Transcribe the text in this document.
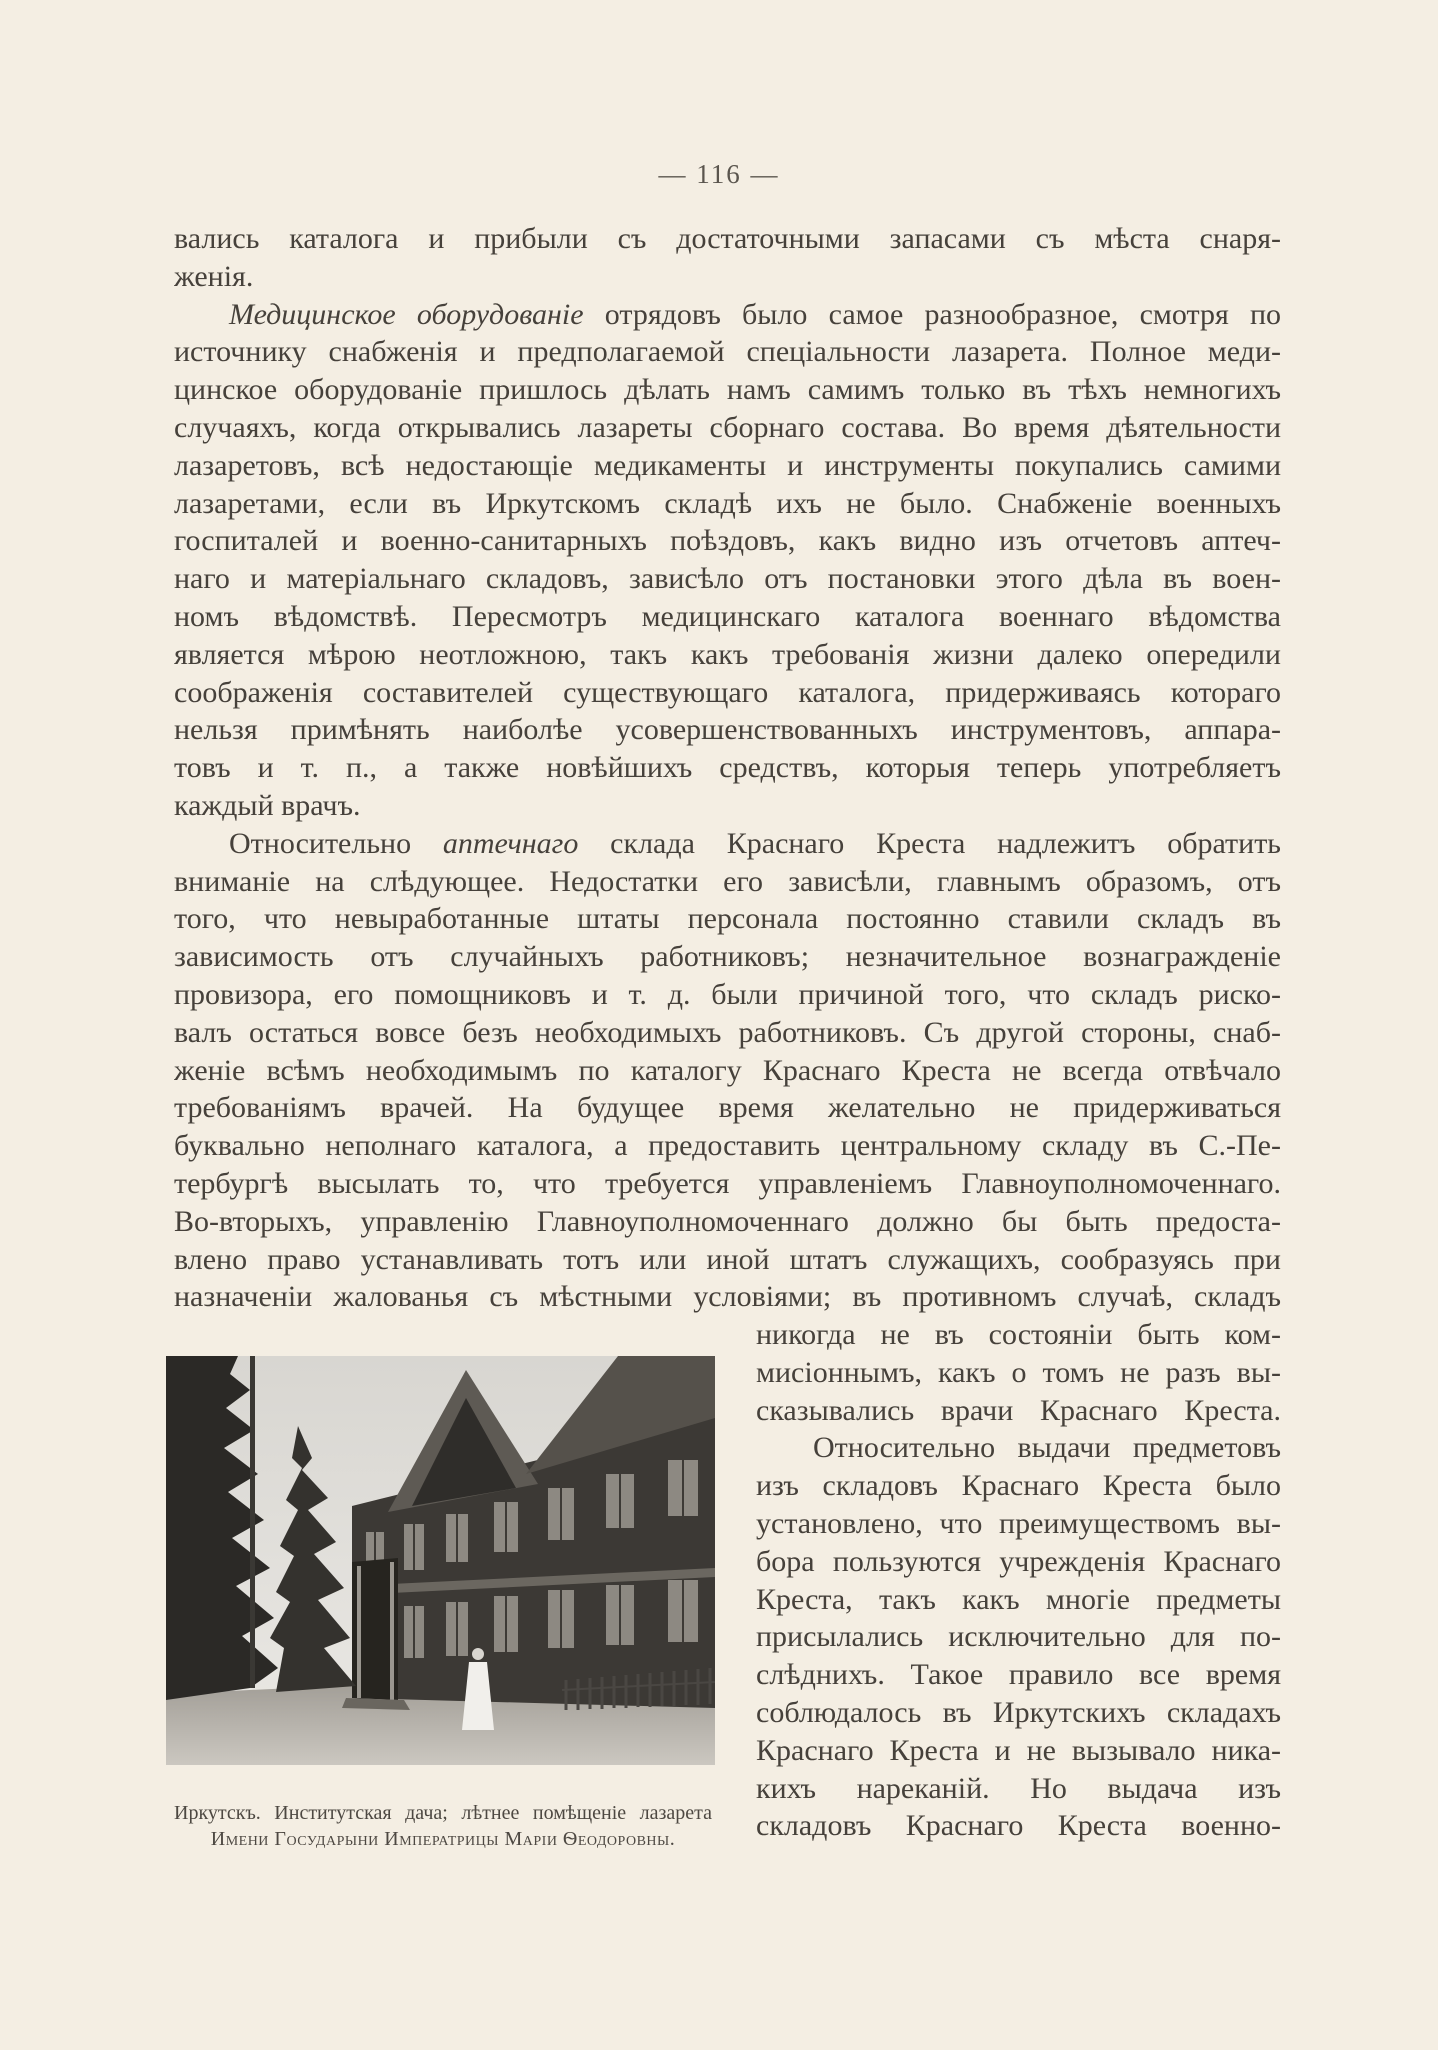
— 116 —
вались каталога и прибыли съ достаточными запасами съ мѣста снаря-
женія.
Медицинское оборудованіе отрядовъ было самое разнообразное, смотря по
источнику снабженія и предполагаемой спеціальности лазарета. Полное меди-
цинское оборудованіе пришлось дѣлать намъ самимъ только въ тѣхъ немногихъ
случаяхъ, когда открывались лазареты сборнаго состава. Во время дѣятельности
лазаретовъ, всѣ недостающіе медикаменты и инструменты покупались самими
лазаретами, если въ Иркутскомъ складѣ ихъ не было. Снабженіе военныхъ
госпиталей и военно-санитарныхъ поѣздовъ, какъ видно изъ отчетовъ аптеч-
наго и матеріальнаго складовъ, зависѣло отъ постановки этого дѣла въ воен-
номъ вѣдомствѣ. Пересмотръ медицинскаго каталога военнаго вѣдомства
является мѣрою неотложною, такъ какъ требованія жизни далеко опередили
соображенія составителей существующаго каталога, придерживаясь котораго
нельзя примѣнять наиболѣе усовершенствованныхъ инструментовъ, аппара-
товъ и т. п., а также новѣйшихъ средствъ, которыя теперь употребляетъ
каждый врачъ.
Относительно аптечнаго склада Краснаго Креста надлежитъ обратить
вниманіе на слѣдующее. Недостатки его зависѣли, главнымъ образомъ, отъ
того, что невыработанные штаты персонала постоянно ставили складъ въ
зависимость отъ случайныхъ работниковъ; незначительное вознагражденіе
провизора, его помощниковъ и т. д. были причиной того, что складъ риско-
валъ остаться вовсе безъ необходимыхъ работниковъ. Съ другой стороны, снаб-
женіе всѣмъ необходимымъ по каталогу Краснаго Креста не всегда отвѣчало
требованіямъ врачей. На будущее время желательно не придерживаться
буквально неполнаго каталога, а предоставить центральному складу въ С.-Пе-
тербургѣ высылать то, что требуется управленіемъ Главноуполномоченнаго.
Во-вторыхъ, управленію Главноуполномоченнаго должно бы быть предоста-
влено право устанавливать тотъ или иной штатъ служащихъ, сообразуясь при
назначеніи жалованья съ мѣстными условіями; въ противномъ случаѣ, складъ
никогда не въ состояніи быть ком-
мисіоннымъ, какъ о томъ не разъ вы-
сказывались врачи Краснаго Креста.
Относительно выдачи предметовъ
изъ складовъ Краснаго Креста было
установлено, что преимуществомъ вы-
бора пользуются учрежденія Краснаго
Креста, такъ какъ многіе предметы
присылались исключительно для по-
слѣднихъ. Такое правило все время
соблюдалось въ Иркутскихъ складахъ
Краснаго Креста и не вызывало ника-
кихъ нареканій. Но выдача изъ
складовъ Краснаго Креста военно-
Иркутскъ. Институтская дача; лѣтнее помѣщеніе лазарета
Имени Государыни Императрицы Маріи Ѳеодоровны.
